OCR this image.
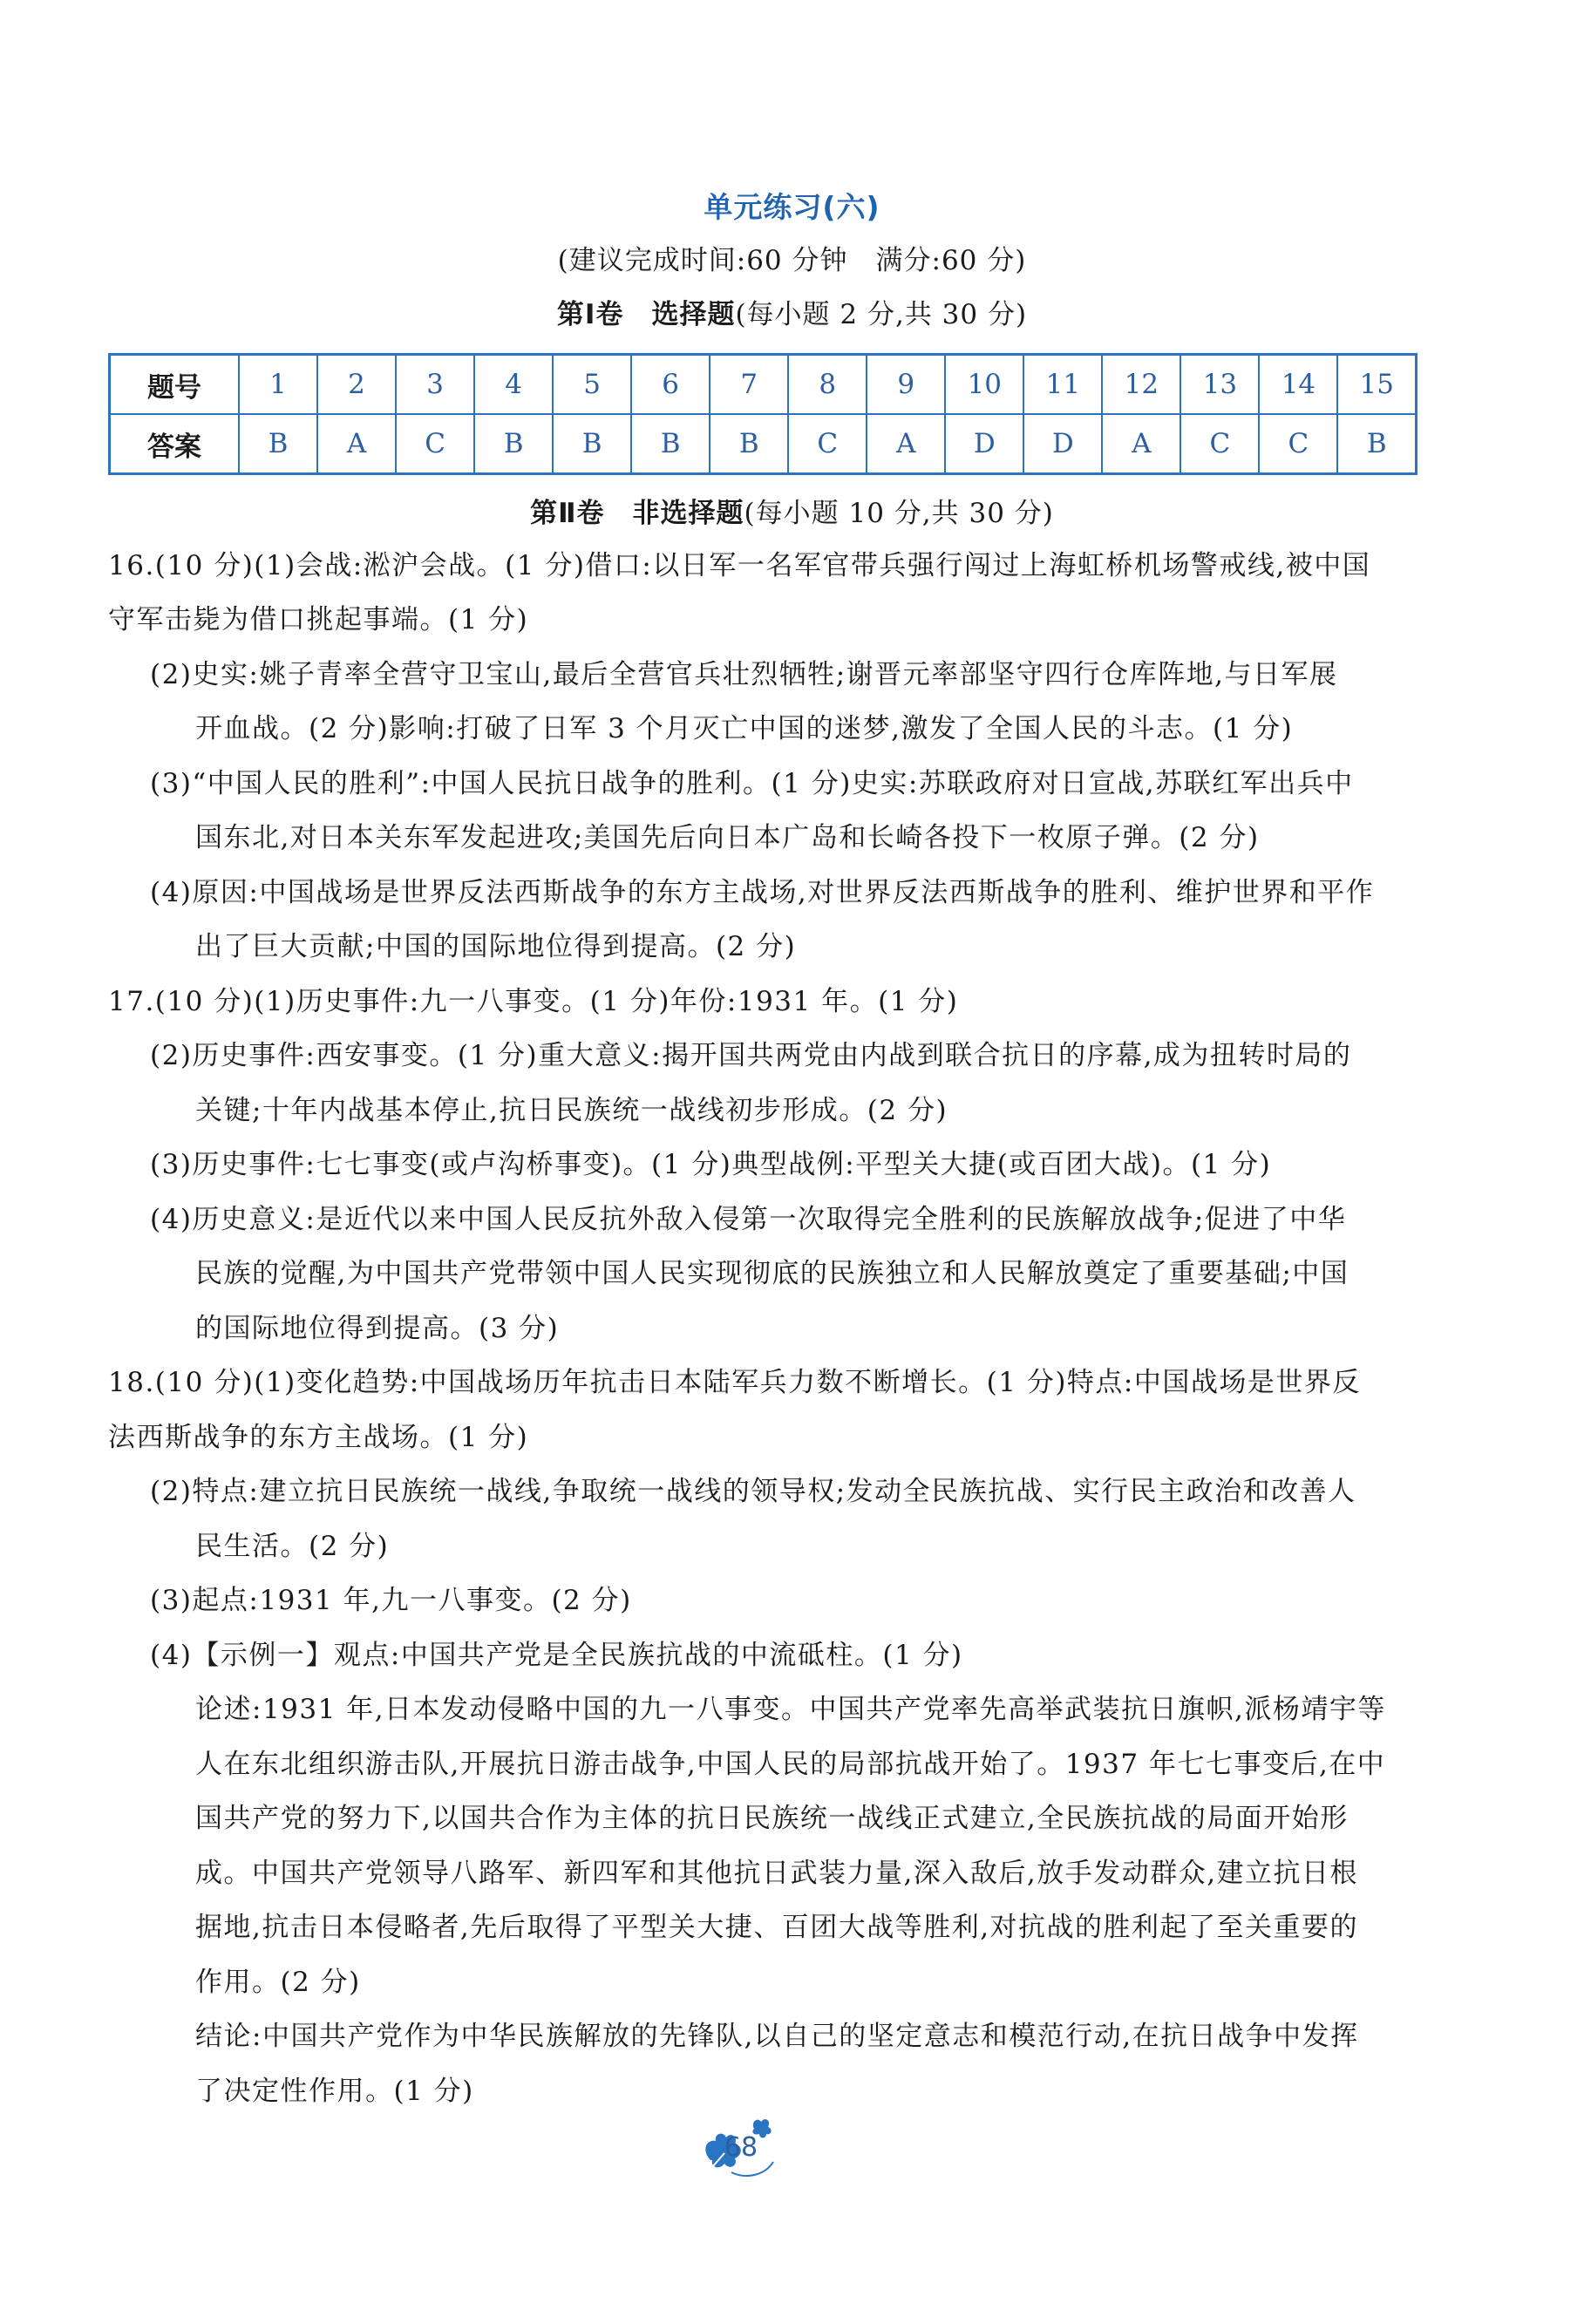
单元练习(六)
(建议完成时间:60 分钟　满分:60 分)
第Ⅰ卷　选择题(每小题 2 分,共 30 分)
题号	1	2	3	4	5	6	7	8	9	10	11	12	13	14	15
答案	B	A	C	B	B	B	B	C	A	D	D	A	C	C	B
第Ⅱ卷　非选择题(每小题 10 分,共 30 分)
16.(10 分)(1)会战:淞沪会战。(1 分)借口:以日军一名军官带兵强行闯过上海虹桥机场警戒线,被中国
守军击毙为借口挑起事端。(1 分)
(2)史实:姚子青率全营守卫宝山,最后全营官兵壮烈牺牲;谢晋元率部坚守四行仓库阵地,与日军展
开血战。(2 分)影响:打破了日军 3 个月灭亡中国的迷梦,激发了全国人民的斗志。(1 分)
(3)“中国人民的胜利”:中国人民抗日战争的胜利。(1 分)史实:苏联政府对日宣战,苏联红军出兵中
国东北,对日本关东军发起进攻;美国先后向日本广岛和长崎各投下一枚原子弹。(2 分)
(4)原因:中国战场是世界反法西斯战争的东方主战场,对世界反法西斯战争的胜利、维护世界和平作
出了巨大贡献;中国的国际地位得到提高。(2 分)
17.(10 分)(1)历史事件:九一八事变。(1 分)年份:1931 年。(1 分)
(2)历史事件:西安事变。(1 分)重大意义:揭开国共两党由内战到联合抗日的序幕,成为扭转时局的
关键;十年内战基本停止,抗日民族统一战线初步形成。(2 分)
(3)历史事件:七七事变(或卢沟桥事变)。(1 分)典型战例:平型关大捷(或百团大战)。(1 分)
(4)历史意义:是近代以来中国人民反抗外敌入侵第一次取得完全胜利的民族解放战争;促进了中华
民族的觉醒,为中国共产党带领中国人民实现彻底的民族独立和人民解放奠定了重要基础;中国
的国际地位得到提高。(3 分)
18.(10 分)(1)变化趋势:中国战场历年抗击日本陆军兵力数不断增长。(1 分)特点:中国战场是世界反
法西斯战争的东方主战场。(1 分)
(2)特点:建立抗日民族统一战线,争取统一战线的领导权;发动全民族抗战、实行民主政治和改善人
民生活。(2 分)
(3)起点:1931 年,九一八事变。(2 分)
(4)【示例一】观点:中国共产党是全民族抗战的中流砥柱。(1 分)
论述:1931 年,日本发动侵略中国的九一八事变。中国共产党率先高举武装抗日旗帜,派杨靖宇等
人在东北组织游击队,开展抗日游击战争,中国人民的局部抗战开始了。1937 年七七事变后,在中
国共产党的努力下,以国共合作为主体的抗日民族统一战线正式建立,全民族抗战的局面开始形
成。中国共产党领导八路军、新四军和其他抗日武装力量,深入敌后,放手发动群众,建立抗日根
据地,抗击日本侵略者,先后取得了平型关大捷、百团大战等胜利,对抗战的胜利起了至关重要的
作用。(2 分)
结论:中国共产党作为中华民族解放的先锋队,以自己的坚定意志和模范行动,在抗日战争中发挥
了决定性作用。(1 分)
68
